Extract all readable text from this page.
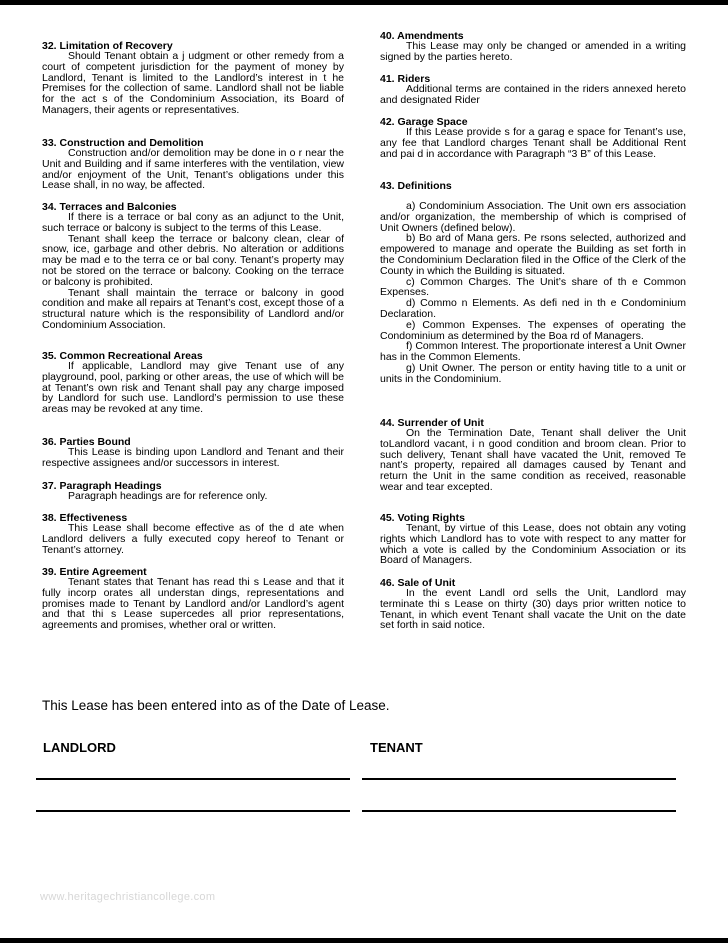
32. Limitation of Recovery

Should Tenant obtain a j udgment or other remedy from a court of competent jurisdiction for the payment of money by Landlord, Tenant is limited to the Landlord’s interest in t he Premises for the collection of same. Landlord shall not be liable for the act s of the Condominium Association, its Board of Managers, their agents or representatives.

33. Construction and Demolition

Construction and/or demolition may be done in o r near the Unit and Building and if same interferes with the ventilation, view and/or enjoyment of the Unit, Tenant’s obligations under this Lease shall, in no way, be affected.

34. Terraces and Balconies

If there is a terrace or bal cony as an adjunct to the Unit, such terrace or balcony is subject to the terms of this Lease.

Tenant shall keep the terrace or balcony clean, clear of snow, ice, garbage and other debris. No alteration or additions may be mad e to the terra ce or bal cony. Tenant’s property may not be stored on the terrace or balcony. Cooking on the terrace or balcony is prohibited.

Tenant shall maintain the terrace or balcony in good condition and make all repairs at Tenant’s cost, except those of a structural nature which is the responsibility of Landlord and/or Condominium Association.

35. Common Recreational Areas

If applicable, Landlord may give Tenant use of any playground, pool, parking or other areas, the use of which will be at Tenant’s own risk and Tenant shall pay any charge imposed by Landlord for such use. Landlord’s permission to use these areas may be revoked at any time.

36. Parties Bound

This Lease is binding upon Landlord and Tenant and their respective assignees and/or successors in interest.

37. Paragraph Headings

Paragraph headings are for reference only.

38. Effectiveness

This Lease shall become effective as of the d ate when Landlord delivers a fully executed copy hereof to Tenant or Tenant’s attorney.

39. Entire Agreement

Tenant states that Tenant has read thi s Lease and that it fully incorp orates all understan dings, representations and promises made to Tenant by Landlord and/or Landlord’s agent and that thi s Lease supercedes all prior representations, agreements and promises, whether oral or written.

40. Amendments

This Lease may only be changed or amended in a writing signed by the parties hereto.

41. Riders

Additional terms are contained in the riders annexed hereto and designated Rider

42. Garage Space

If this Lease provide s for a garag e space for Tenant’s use, any fee that Landlord charges Tenant shall be Additional Rent and pai d in accordance with Paragraph “3 B” of this Lease.

43. Definitions

a) Condominium Association. The Unit own ers association and/or organization, the membership of which is comprised of Unit Owners (defined below).

b) Bo ard of Mana gers. Pe rsons selected, authorized and empowered to manage and operate the Building as set forth in the Condominium Declaration filed in the Office of the Clerk of the County in which the Building is situated.

c) Common Charges. The Unit’s share of th e Common Expenses.

d) Commo n Elements. As defi ned in th e Condominium Declaration.

e) Common Expenses. The expenses of operating the Condominium as determined by the Boa rd of Managers.

f) Common Interest. The proportionate interest a Unit Owner has in the Common Elements.

g) Unit Owner. The person or entity having title to a unit or units in the Condominium.

44. Surrender of Unit

On the Termination Date, Tenant shall deliver the Unit toLandlord vacant, i n good condition and broom clean. Prior to such delivery, Tenant shall have vacated the Unit, removed Te nant’s property, repaired all damages caused by Tenant and return the Unit in the same condition as received, reasonable wear and tear excepted.

45. Voting Rights

Tenant, by virtue of this Lease, does not obtain any voting rights which Landlord has to vote with respect to any matter for which a vote is called by the Condominium Association or its Board of Managers.

46. Sale of Unit

In the event Landl ord sells the Unit, Landlord may terminate thi s Lease on thirty (30) days prior written notice to Tenant, in which event Tenant shall vacate the Unit on the date set forth in said notice.

This Lease has been entered into as of the Date of Lease.
LANDLORD	TENANT
www.heritagechristiancollege.com
